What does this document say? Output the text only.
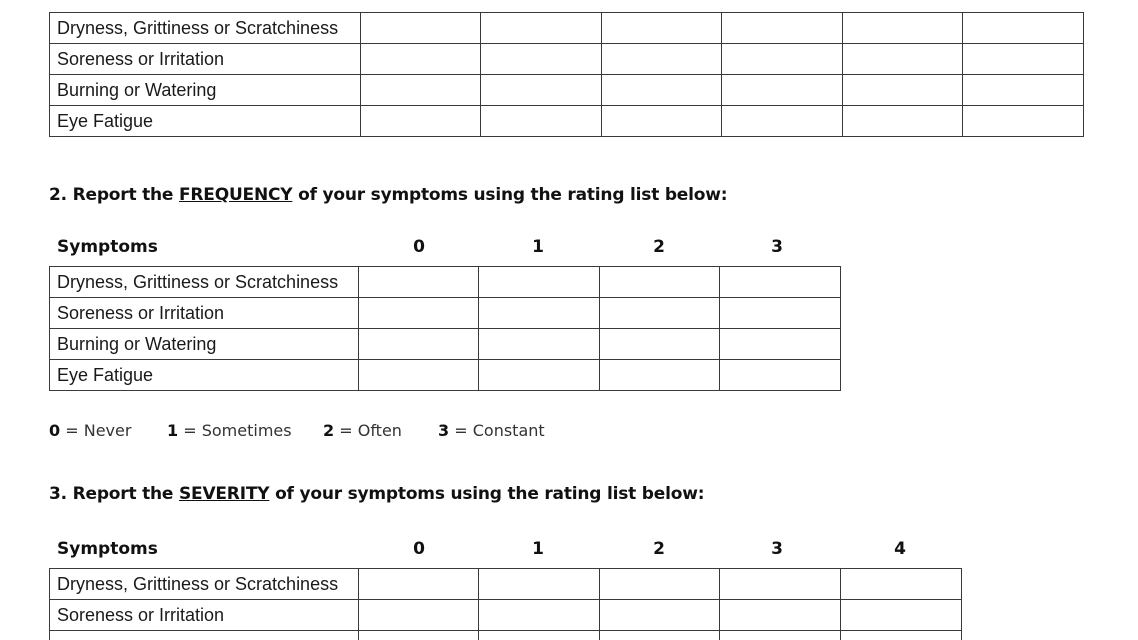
Dryness, Grittiness or Scratchiness						
Soreness or Irritation						
Burning or Watering						
Eye Fatigue						
2. Report the FREQUENCY of your symptoms using the rating list below:
Symptoms	0	1	2	3
Dryness, Grittiness or Scratchiness				
Soreness or Irritation				
Burning or Watering				
Eye Fatigue				
0 = Never 1 = Sometimes 2 = Often 3 = Constant
3. Report the SEVERITY of your symptoms using the rating list below:
Symptoms	0	1	2	3	4
Dryness, Grittiness or Scratchiness					
Soreness or Irritation					
